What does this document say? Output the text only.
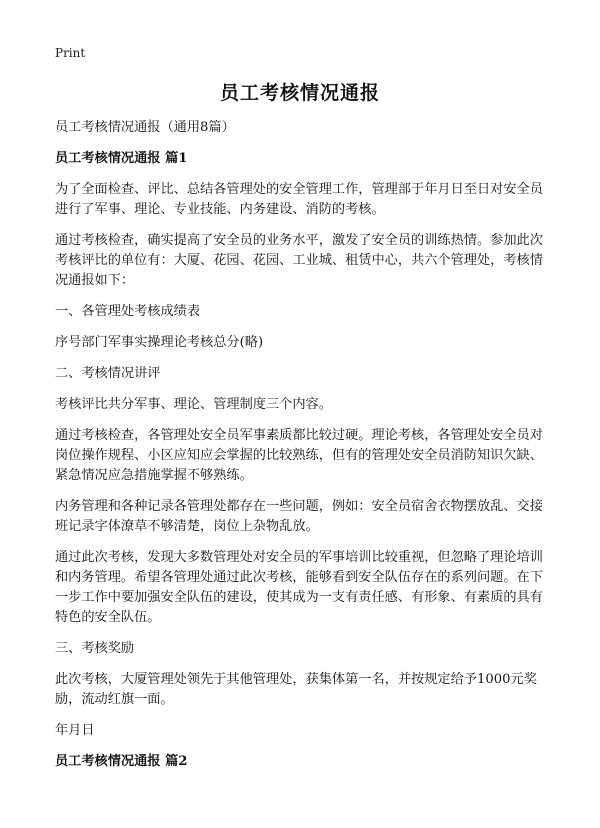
Print
员工考核情况通报

员工考核情况通报（通用8篇）

员工考核情况通报 篇1

为了全面检查、评比、总结各管理处的安全管理工作，管理部于年月日至日对安全员进行了军事、理论、专业技能、内务建设、消防的考核。

通过考核检查，确实提高了安全员的业务水平，激发了安全员的训练热情。参加此次考核评比的单位有：大厦、花园、花园、工业城、租赁中心，共六个管理处，考核情况通报如下：

一、各管理处考核成绩表

序号部门军事实操理论考核总分(略)

二、考核情况讲评

考核评比共分军事、理论、管理制度三个内容。

通过考核检查，各管理处安全员军事素质都比较过硬。理论考核，各管理处安全员对岗位操作规程、小区应知应会掌握的比较熟练，但有的管理处安全员消防知识欠缺、紧急情况应急措施掌握不够熟练。

内务管理和各种记录各管理处都存在一些问题，例如：安全员宿舍衣物摆放乱、交接班记录字体潦草不够清楚，岗位上杂物乱放。

通过此次考核，发现大多数管理处对安全员的军事培训比较重视，但忽略了理论培训和内务管理。希望各管理处通过此次考核，能够看到安全队伍存在的系列问题。在下一步工作中要加强安全队伍的建设，使其成为一支有责任感、有形象、有素质的具有特色的安全队伍。

三、考核奖励

此次考核，大厦管理处领先于其他管理处，获集体第一名，并按规定给予1000元奖励，流动红旗一面。

年月日

员工考核情况通报 篇2
